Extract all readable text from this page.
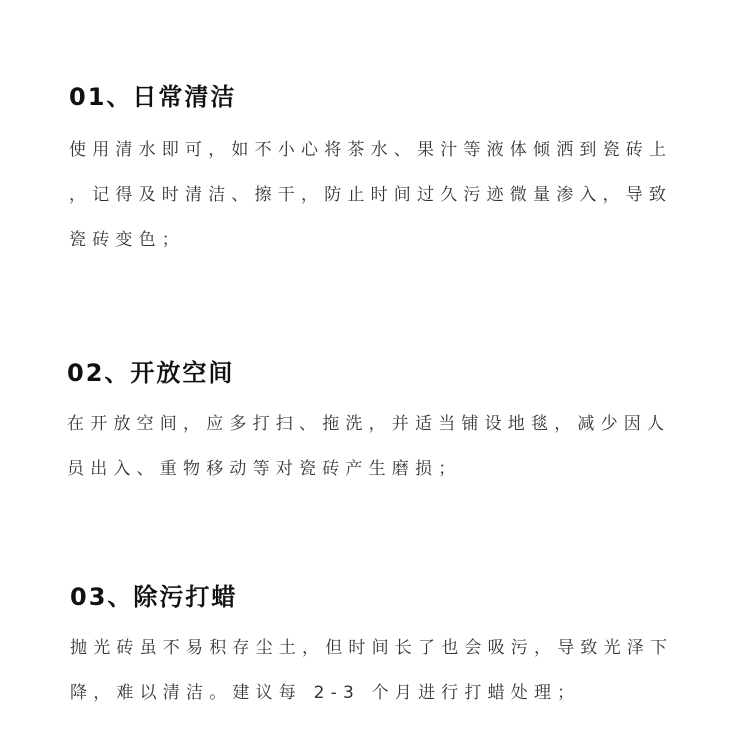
01、日常清洁
使用清水即可，如不小心将茶水、果汁等液体倾洒到瓷砖上
，记得及时清洁、擦干，防止时间过久污迹微量渗入，导致
瓷砖变色；
02、开放空间
在开放空间，应多打扫、拖洗，并适当铺设地毯，减少因人
员出入、重物移动等对瓷砖产生磨损；
03、除污打蜡
抛光砖虽不易积存尘土，但时间长了也会吸污，导致光泽下
降，难以清洁。建议每 2-3 个月进行打蜡处理；
